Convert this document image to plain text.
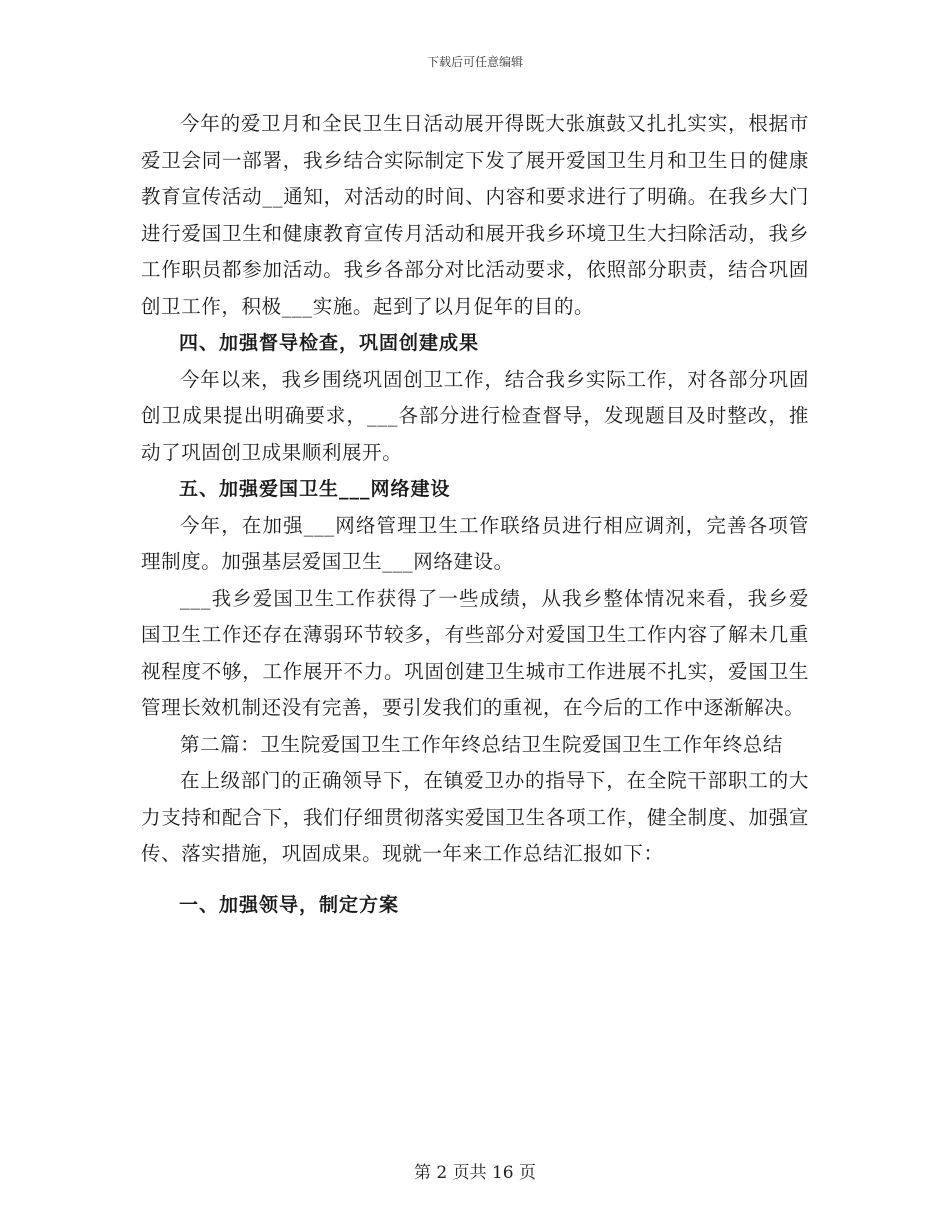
下载后可任意编辑

今年的爱卫月和全民卫生日活动展开得既大张旗鼓又扎扎实实，根据市爱卫会同一部署，我乡结合实际制定下发了展开爱国卫生月和卫生日的健康教育宣传活动__通知，对活动的时间、内容和要求进行了明确。在我乡大门进行爱国卫生和健康教育宣传月活动和展开我乡环境卫生大扫除活动，我乡工作职员都参加活动。我乡各部分对比活动要求，依照部分职责，结合巩固创卫工作，积极___实施。起到了以月促年的目的。

四、加强督导检查，巩固创建成果

今年以来，我乡围绕巩固创卫工作，结合我乡实际工作，对各部分巩固创卫成果提出明确要求，___各部分进行检查督导，发现题目及时整改，推动了巩固创卫成果顺利展开。

五、加强爱国卫生___网络建设

今年，在加强___网络管理卫生工作联络员进行相应调剂，完善各项管理制度。加强基层爱国卫生___网络建设。

___我乡爱国卫生工作获得了一些成绩，从我乡整体情况来看，我乡爱国卫生工作还存在薄弱环节较多，有些部分对爱国卫生工作内容了解未几重视程度不够，工作展开不力。巩固创建卫生城市工作进展不扎实，爱国卫生管理长效机制还没有完善，要引发我们的重视，在今后的工作中逐渐解决。

第二篇：卫生院爱国卫生工作年终总结卫生院爱国卫生工作年终总结

在上级部门的正确领导下，在镇爱卫办的指导下，在全院干部职工的大力支持和配合下，我们仔细贯彻落实爱国卫生各项工作，健全制度、加强宣传、落实措施，巩固成果。现就一年来工作总结汇报如下：

一、加强领导，制定方案

第 2 页共 16 页
